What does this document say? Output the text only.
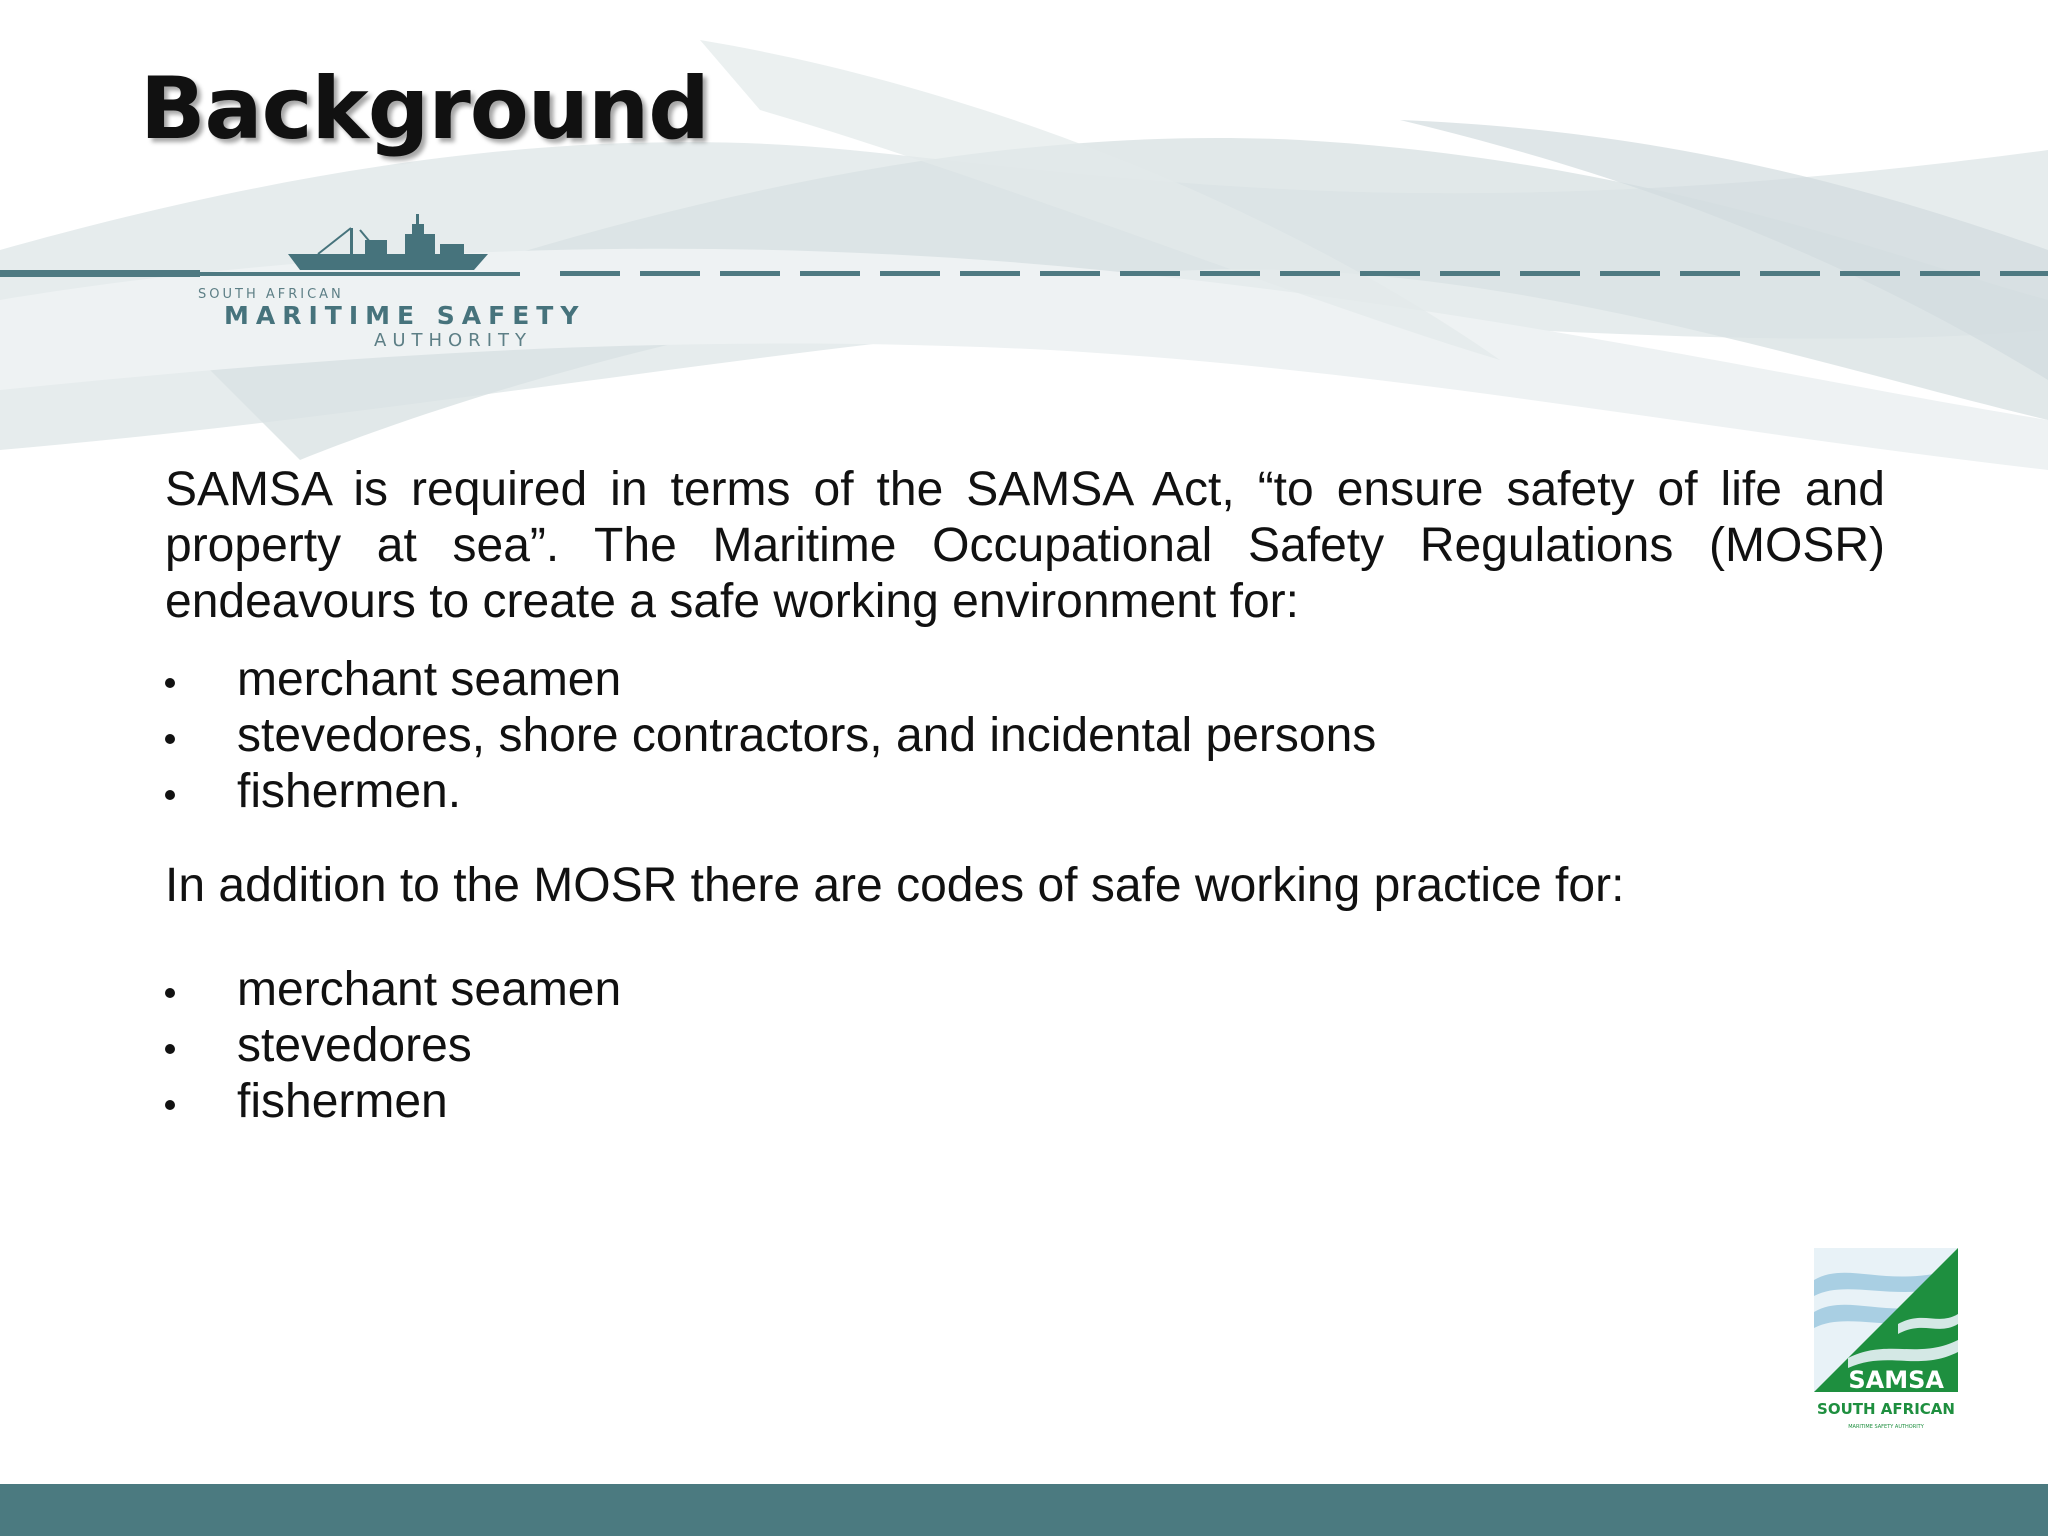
Background
SOUTH AFRICAN
MARITIME SAFETY
AUTHORITY

SAMSA is required in terms of the SAMSA Act, “to ensure safety of life and property at sea”. The Maritime Occupational Safety Regulations (MOSR) endeavours to create a safe working environment for:

merchant seamen
stevedores, shore contractors, and incidental persons
fishermen.

In addition to the MOSR there are codes of safe working practice for:

merchant seamen
stevedores
fishermen
SAMSA
SOUTH AFRICAN
MARITIME SAFETY AUTHORITY
